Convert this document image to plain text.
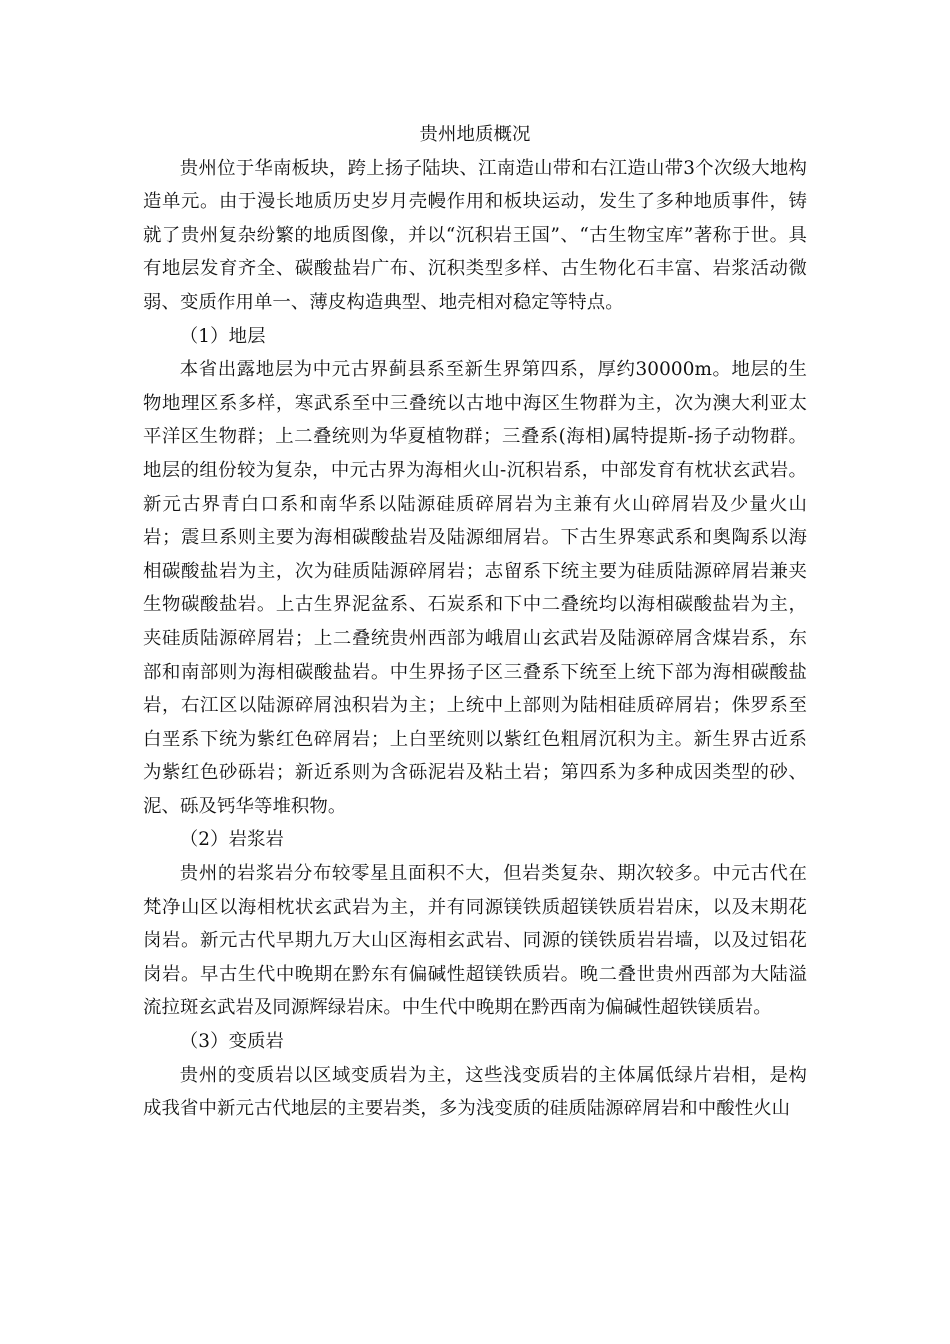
贵州地质概况

贵州位于华南板块，跨上扬子陆块、江南造山带和右江造山带3个次级大地构造单元。由于漫长地质历史岁月壳幔作用和板块运动，发生了多种地质事件，铸就了贵州复杂纷繁的地质图像，并以“沉积岩王国”、“古生物宝库”著称于世。具有地层发育齐全、碳酸盐岩广布、沉积类型多样、古生物化石丰富、岩浆活动微弱、变质作用单一、薄皮构造典型、地壳相对稳定等特点。

（1）地层

本省出露地层为中元古界蓟县系至新生界第四系，厚约30000m。地层的生物地理区系多样，寒武系至中三叠统以古地中海区生物群为主，次为澳大利亚太平洋区生物群；上二叠统则为华夏植物群；三叠系(海相)属特提斯-扬子动物群。地层的组份较为复杂，中元古界为海相火山-沉积岩系，中部发育有枕状玄武岩。新元古界青白口系和南华系以陆源硅质碎屑岩为主兼有火山碎屑岩及少量火山岩；震旦系则主要为海相碳酸盐岩及陆源细屑岩。下古生界寒武系和奥陶系以海相碳酸盐岩为主，次为硅质陆源碎屑岩；志留系下统主要为硅质陆源碎屑岩兼夹生物碳酸盐岩。上古生界泥盆系、石炭系和下中二叠统均以海相碳酸盐岩为主，夹硅质陆源碎屑岩；上二叠统贵州西部为峨眉山玄武岩及陆源碎屑含煤岩系，东部和南部则为海相碳酸盐岩。中生界扬子区三叠系下统至上统下部为海相碳酸盐岩，右江区以陆源碎屑浊积岩为主；上统中上部则为陆相硅质碎屑岩；侏罗系至白垩系下统为紫红色碎屑岩；上白垩统则以紫红色粗屑沉积为主。新生界古近系为紫红色砂砾岩；新近系则为含砾泥岩及粘土岩；第四系为多种成因类型的砂、泥、砾及钙华等堆积物。

（2）岩浆岩

贵州的岩浆岩分布较零星且面积不大，但岩类复杂、期次较多。中元古代在梵净山区以海相枕状玄武岩为主，并有同源镁铁质超镁铁质岩岩床，以及末期花岗岩。新元古代早期九万大山区海相玄武岩、同源的镁铁质岩岩墙，以及过铝花岗岩。早古生代中晚期在黔东有偏碱性超镁铁质岩。晚二叠世贵州西部为大陆溢流拉斑玄武岩及同源辉绿岩床。中生代中晚期在黔西南为偏碱性超铁镁质岩。

（3）变质岩

贵州的变质岩以区域变质岩为主，这些浅变质岩的主体属低绿片岩相，是构成我省中新元古代地层的主要岩类，多为浅变质的硅质陆源碎屑岩和中酸性火山
